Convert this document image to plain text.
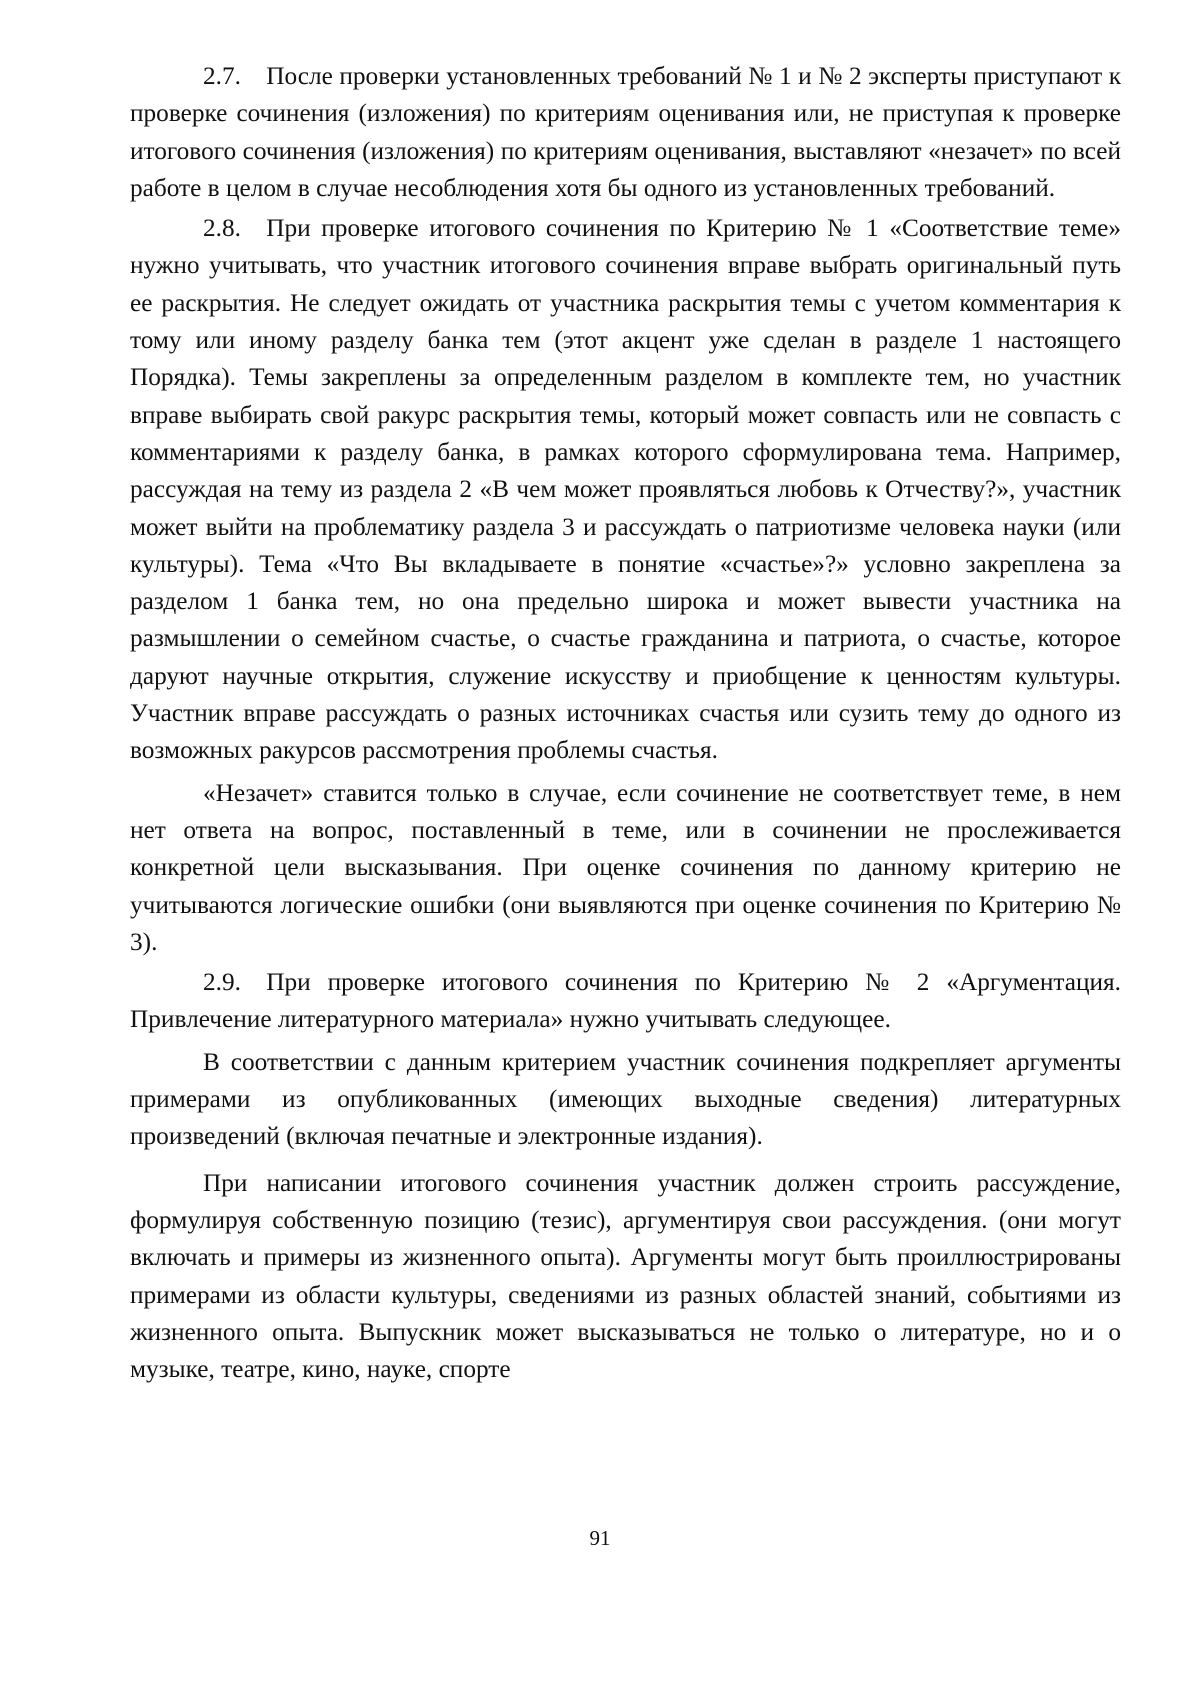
2.7. После проверки установленных требований № 1 и № 2 эксперты приступают к проверке сочинения (изложения) по критериям оценивания или, не приступая к проверке итогового сочинения (изложения) по критериям оценивания, выставляют «незачет» по всей работе в целом в случае несоблюдения хотя бы одного из установленных требований.

2.8. При проверке итогового сочинения по Критерию № 1 «Соответствие теме» нужно учитывать, что участник итогового сочинения вправе выбрать оригинальный путь ее раскрытия. Не следует ожидать от участника раскрытия темы с учетом комментария к тому или иному разделу банка тем (этот акцент уже сделан в разделе 1 настоящего Порядка). Темы закреплены за определенным разделом в комплекте тем, но участник вправе выбирать свой ракурс раскрытия темы, который может совпасть или не совпасть с комментариями к разделу банка, в рамках которого сформулирована тема. Например, рассуждая на тему из раздела 2 «В чем может проявляться любовь к Отчеству?», участник может выйти на проблематику раздела 3 и рассуждать о патриотизме человека науки (или культуры). Тема «Что Вы вкладываете в понятие «счастье»?» условно закреплена за разделом 1 банка тем, но она предельно широка и может вывести участника на размышлении о семейном счастье, о счастье гражданина и патриота, о счастье, которое даруют научные открытия, служение искусству и приобщение к ценностям культуры. Участник вправе рассуждать о разных источниках счастья или сузить тему до одного из возможных ракурсов рассмотрения проблемы счастья.

«Незачет» ставится только в случае, если сочинение не соответствует теме, в нем нет ответа на вопрос, поставленный в теме, или в сочинении не прослеживается конкретной цели высказывания. При оценке сочинения по данному критерию не учитываются логические ошибки (они выявляются при оценке сочинения по Критерию № 3).

2.9. При проверке итогового сочинения по Критерию № 2 «Аргументация. Привлечение литературного материала» нужно учитывать следующее.

В соответствии с данным критерием участник сочинения подкрепляет аргументы примерами из опубликованных (имеющих выходные сведения) литературных произведений (включая печатные и электронные издания).

При написании итогового сочинения участник должен строить рассуждение, формулируя собственную позицию (тезис), аргументируя свои рассуждения. (они могут включать и примеры из жизненного опыта). Аргументы могут быть проиллюстрированы примерами из области культуры, сведениями из разных областей знаний, событиями из жизненного опыта. Выпускник может высказываться не только о литературе, но и о музыке, театре, кино, науке, спорте

91
